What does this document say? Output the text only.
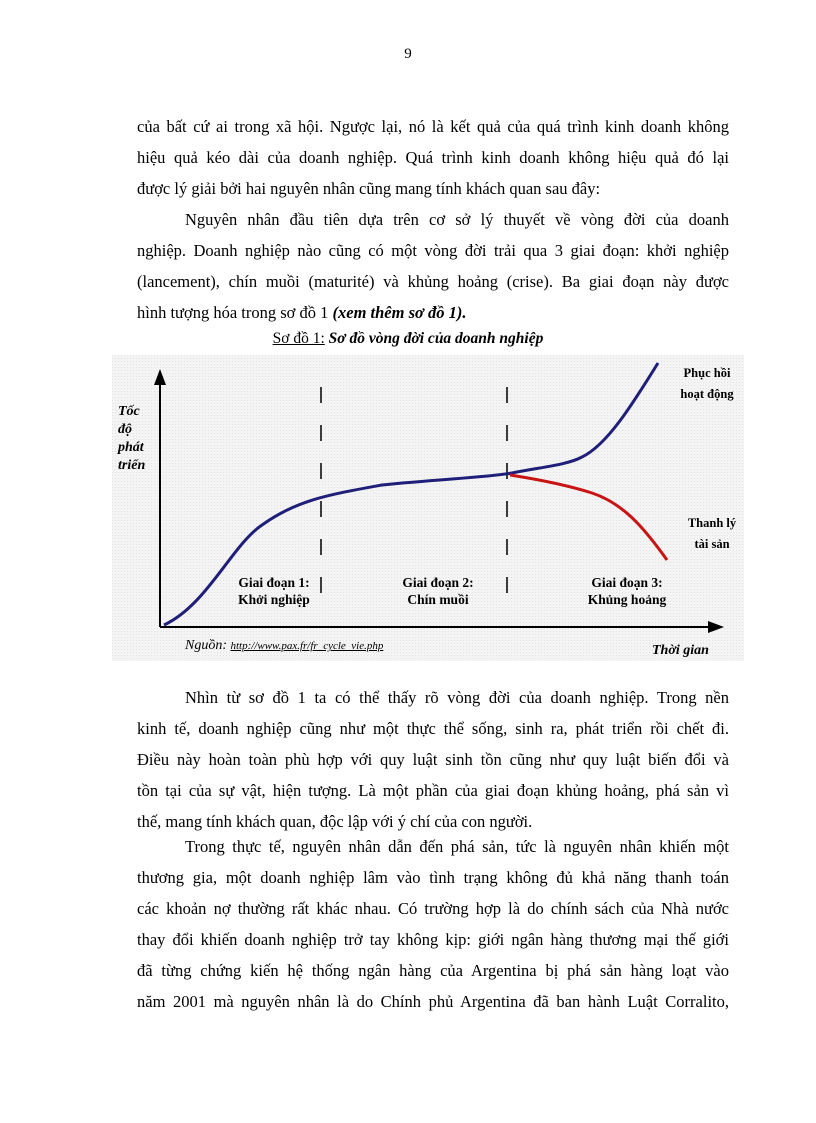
9
của bất cứ ai trong xã hội. Ngược lại, nó là kết quả của quá trình kinh doanh không
hiệu quả kéo dài của doanh nghiệp. Quá trình kinh doanh không hiệu quả đó lại
được lý giải bởi hai nguyên nhân cũng mang tính khách quan sau đây:
Nguyên nhân đầu tiên dựa trên cơ sở lý thuyết về vòng đời của doanh
nghiệp. Doanh nghiệp nào cũng có một vòng đời trải qua 3 giai đoạn: khởi nghiệp
(lancement), chín muồi (maturité) và khủng hoảng (crise). Ba giai đoạn này được
hình tượng hóa trong sơ đồ 1 (xem thêm sơ đồ 1).
Sơ đồ 1: Sơ đồ vòng đời của doanh nghiệp
Tốc
độ
phát
triển
Phục hồi
hoạt động
Thanh lý
tài sản
Giai đoạn 1:
Khởi nghiệp
Giai đoạn 2:
Chín muồi
Giai đoạn 3:
Khủng hoảng
Nguồn: http://www.pax.fr/fr_cycle_vie.php	Thời gian
Nhìn từ sơ đồ 1 ta có thể thấy rõ vòng đời của doanh nghiệp. Trong nền
kinh tế, doanh nghiệp cũng như một thực thể sống, sinh ra, phát triển rồi chết đi.
Điều này hoàn toàn phù hợp với quy luật sinh tồn cũng như quy luật biến đổi và
tồn tại của sự vật, hiện tượng. Là một phần của giai đoạn khủng hoảng, phá sản vì
thế, mang tính khách quan, độc lập với ý chí của con người.
Trong thực tế, nguyên nhân dẫn đến phá sản, tức là nguyên nhân khiến một
thương gia, một doanh nghiệp lâm vào tình trạng không đủ khả năng thanh toán
các khoản nợ thường rất khác nhau. Có trường hợp là do chính sách của Nhà nước
thay đổi khiến doanh nghiệp trở tay không kịp: giới ngân hàng thương mại thế giới
đã từng chứng kiến hệ thống ngân hàng của Argentina bị phá sản hàng loạt vào
năm 2001 mà nguyên nhân là do Chính phủ Argentina đã ban hành Luật Corralito,
